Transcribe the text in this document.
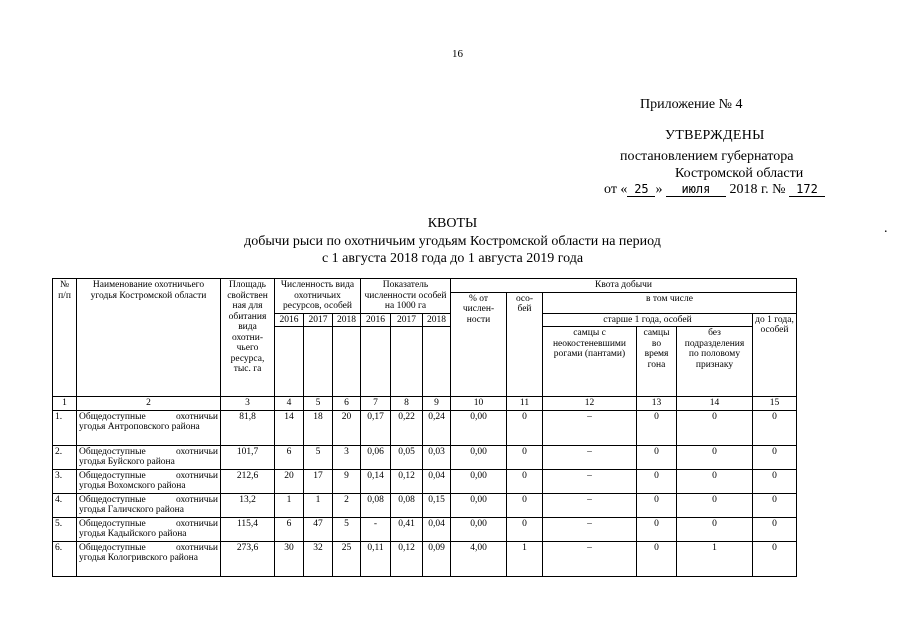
16
Приложение № 4
УТВЕРЖДЕНЫ
постановлением губернатора
Костромской области
от « 25 » июля 2018 г. № 172
.
КВОТЫ
добычи рыси по охотничьим угодьям Костромской области на период
с 1 августа 2018 года до 1 августа 2019 года
№ п/п	Наименование охотничьего угодья Костромской области	Площадь свойствен ная для обитания вида охотни-чьего ресурса, тыс. га	Численность вида охотничьих ресурсов, особей			Показатель численности особей на 1000 га			Квота добычи					
									% от числен-ности	осо-бей	в том числе			
			2016	2017	2018	2016	2017	2018			старше 1 года, особей			до 1 года, особей
											самцы с неокостеневшими рогами (пантами)	самцы во время гона	без подразделения по половому признаку	
1	2	3	4	5	6	7	8	9	10	11	12	13	14	15
1.	Общедоступные охотничьи угодья Антроповского района	81,8	14	18	20	0,17	0,22	0,24	0,00	0	–	0	0	0
2.	Общедоступные охотничьи угодья Буйского района	101,7	6	5	3	0,06	0,05	0,03	0,00	0	–	0	0	0
3.	Общедоступные охотничьи угодья Вохомского района	212,6	20	17	9	0,14	0,12	0,04	0,00	0	–	0	0	0
4.	Общедоступные охотничьи угодья Галичского района	13,2	1	1	2	0,08	0,08	0,15	0,00	0	–	0	0	0
5.	Общедоступные охотничьи угодья Кадыйского района	115,4	6	47	5	-	0,41	0,04	0,00	0	–	0	0	0
6.	Общедоступные охотничьи угодья Кологривского района	273,6	30	32	25	0,11	0,12	0,09	4,00	1	–	0	1	0
